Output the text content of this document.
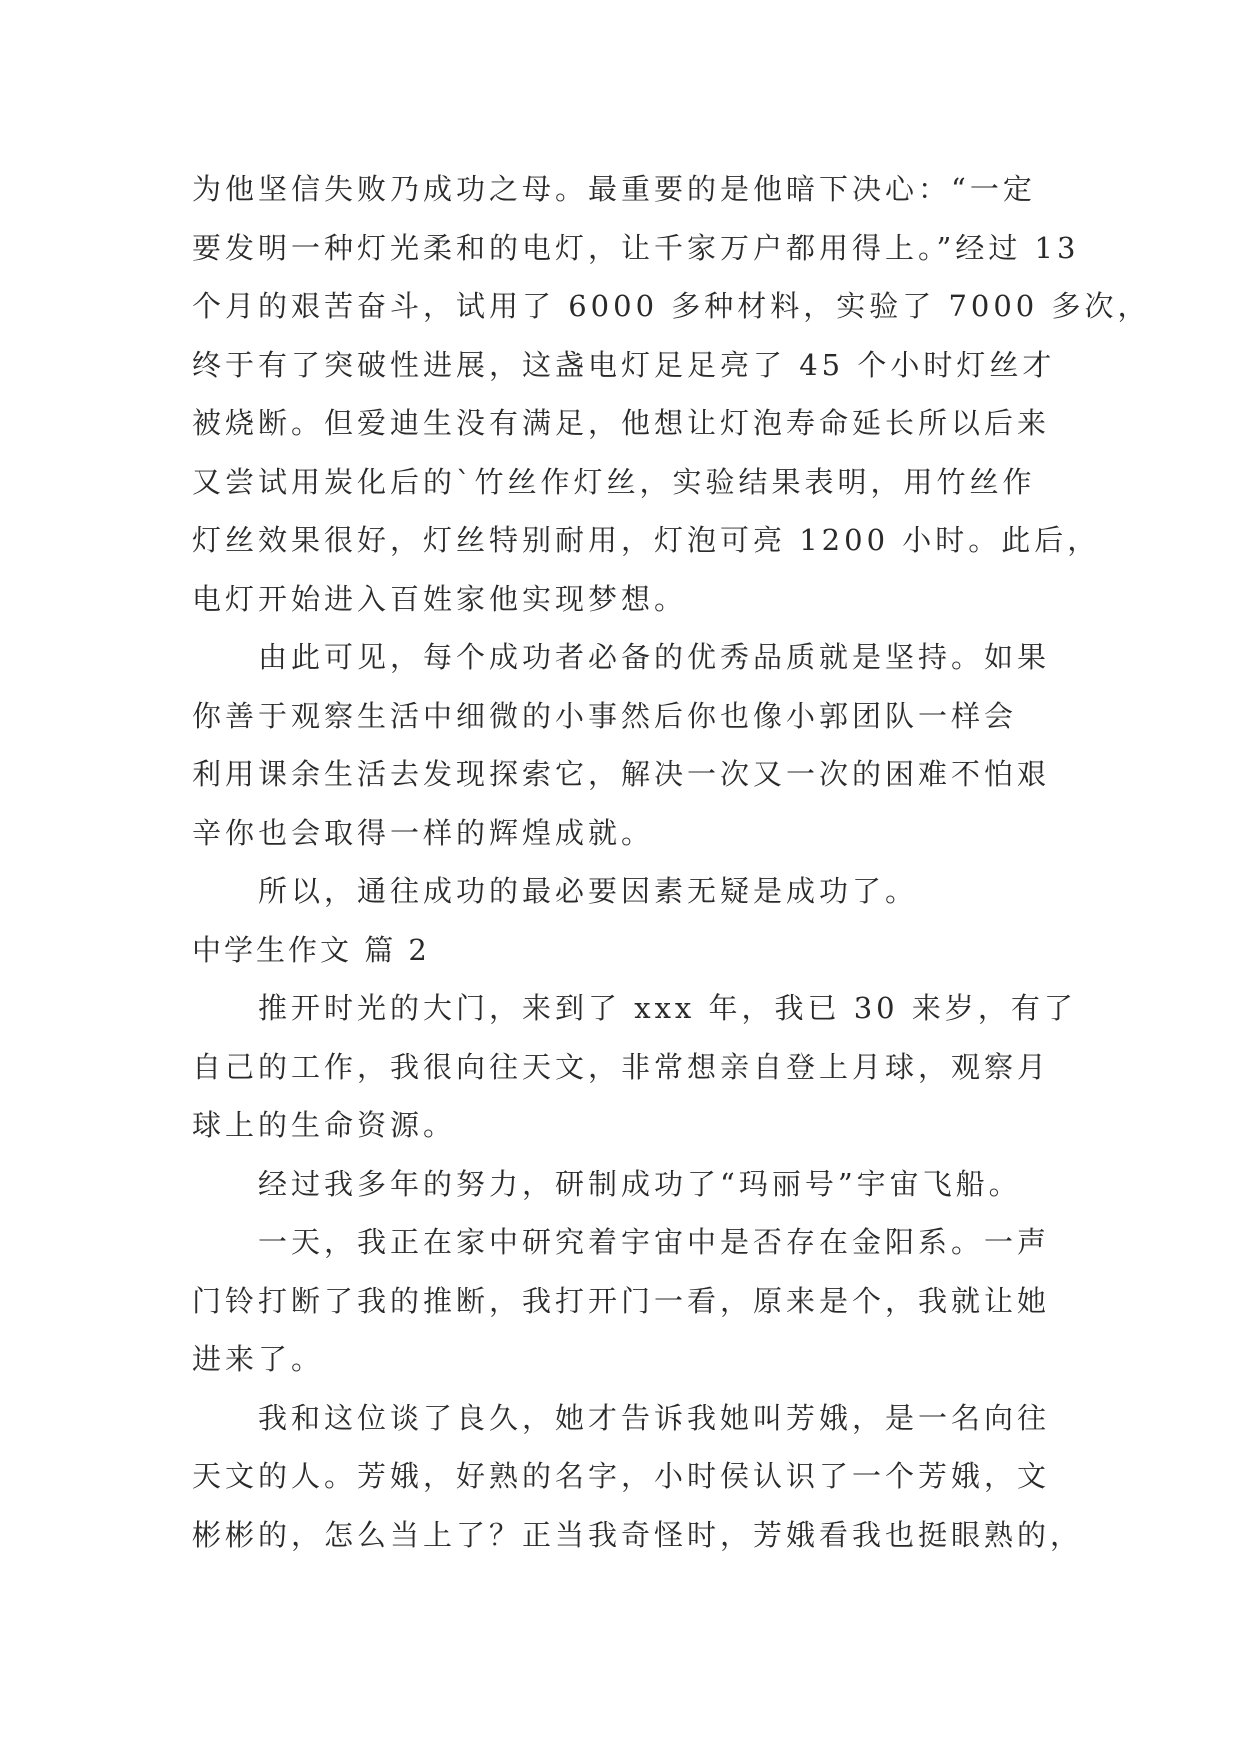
为他坚信失败乃成功之母。最重要的是他暗下决心：“一定
要发明一种灯光柔和的电灯，让千家万户都用得上。”经过 13
个月的艰苦奋斗，试用了 6000 多种材料，实验了 7000 多次，
终于有了突破性进展，这盏电灯足足亮了 45 个小时灯丝才
被烧断。但爱迪生没有满足，他想让灯泡寿命延长所以后来
又尝试用炭化后的`竹丝作灯丝，实验结果表明，用竹丝作
灯丝效果很好，灯丝特别耐用，灯泡可亮 1200 小时。此后，
电灯开始进入百姓家他实现梦想。
由此可见，每个成功者必备的优秀品质就是坚持。如果
你善于观察生活中细微的小事然后你也像小郭团队一样会
利用课余生活去发现探索它，解决一次又一次的困难不怕艰
辛你也会取得一样的辉煌成就。
所以，通往成功的最必要因素无疑是成功了。
中学生作文 篇 2
推开时光的大门，来到了 xxx 年，我已 30 来岁，有了
自己的工作，我很向往天文，非常想亲自登上月球，观察月
球上的生命资源。
经过我多年的努力，研制成功了“玛丽号”宇宙飞船。
一天，我正在家中研究着宇宙中是否存在金阳系。一声
门铃打断了我的推断，我打开门一看，原来是个，我就让她
进来了。
我和这位谈了良久，她才告诉我她叫芳娥，是一名向往
天文的人。芳娥，好熟的名字，小时侯认识了一个芳娥，文
彬彬的，怎么当上了？正当我奇怪时，芳娥看我也挺眼熟的，
